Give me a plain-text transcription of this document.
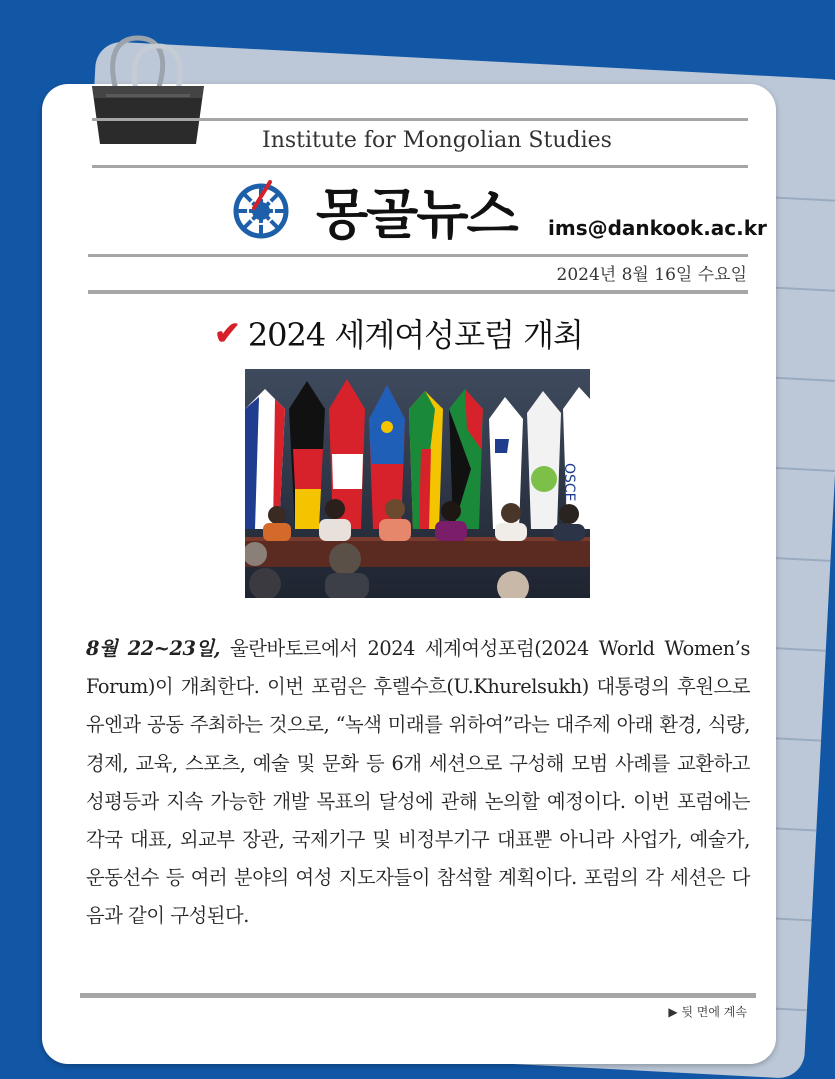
Institute for Mongolian Studies
몽골뉴스 ims@dankook.ac.kr
2024년 8월 16일 수요일
✔ 2024 세계여성포럼 개최
OSCE
8월 22~23일, 울란바토르에서 2024 세계여성포럼(2024 World Women’s Forum)이 개최한다. 이번 포럼은 후렐수흐(U.Khurelsukh) 대통령의 후원으로 유엔과 공동 주최하는 것으로, “녹색 미래를 위하여”라는 대주제 아래 환경, 식량, 경제, 교육, 스포츠, 예술 및 문화 등 6개 세션으로 구성해 모범 사례를 교환하고 성평등과 지속 가능한 개발 목표의 달성에 관해 논의할 예정이다. 이번 포럼에는 각국 대표, 외교부 장관, 국제기구 및 비정부기구 대표뿐 아니라 사업가, 예술가, 운동선수 등 여러 분야의 여성 지도자들이 참석할 계획이다. 포럼의 각 세션은 다음과 같이 구성된다.
▶ 뒷 면에 계속
